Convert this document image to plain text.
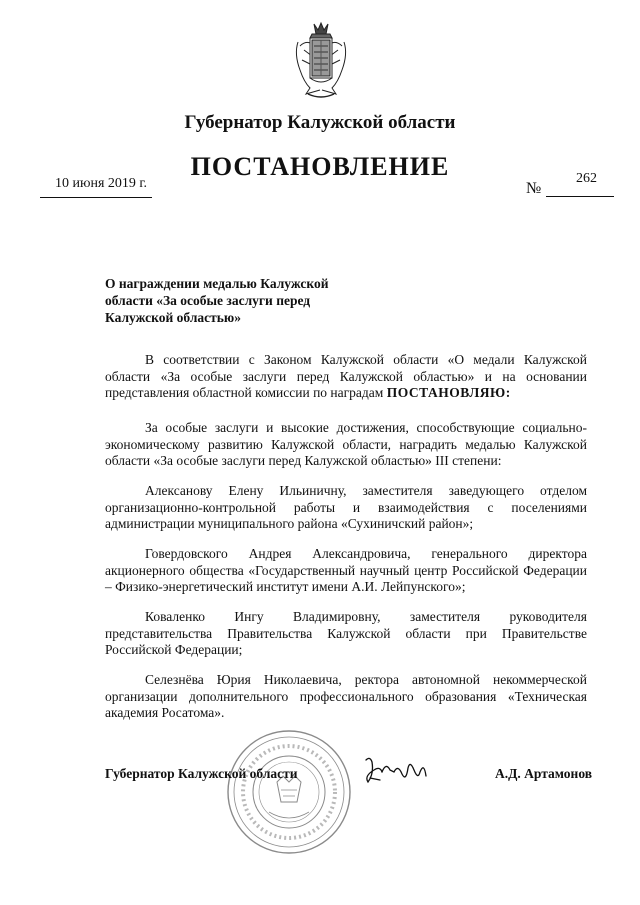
Губернатор Калужской области
ПОСТАНОВЛЕНИЕ
10 июня 2019 г.	№
262
О награждении медалью Калужской
области «За особые заслуги перед
Калужской областью»
В соответствии с Законом Калужской области «О медали Калужской области «За особые заслуги перед Калужской областью» и на основании представления областной комиссии по наградам ПОСТАНОВЛЯЮ:
За особые заслуги и высокие достижения, способствующие социально-экономическому развитию Калужской области, наградить медалью Калужской области «За особые заслуги перед Калужской областью» III степени:
Алексанову Елену Ильиничну, заместителя заведующего отделом организационно-контрольной работы и взаимодействия с поселениями администрации муниципального района «Сухиничский район»;
Говердовского Андрея Александровича, генерального директора акционерного общества «Государственный научный центр Российской Федерации – Физико-энергетический институт имени А.И. Лейпунского»;
Коваленко Ингу Владимировну, заместителя руководителя представительства Правительства Калужской области при Правительстве Российской Федерации;
Селезнёва Юрия Николаевича, ректора автономной некоммерческой организации дополнительного профессионального образования «Техническая академия Росатома».
Губернатор Калужской области	А.Д. Артамонов
